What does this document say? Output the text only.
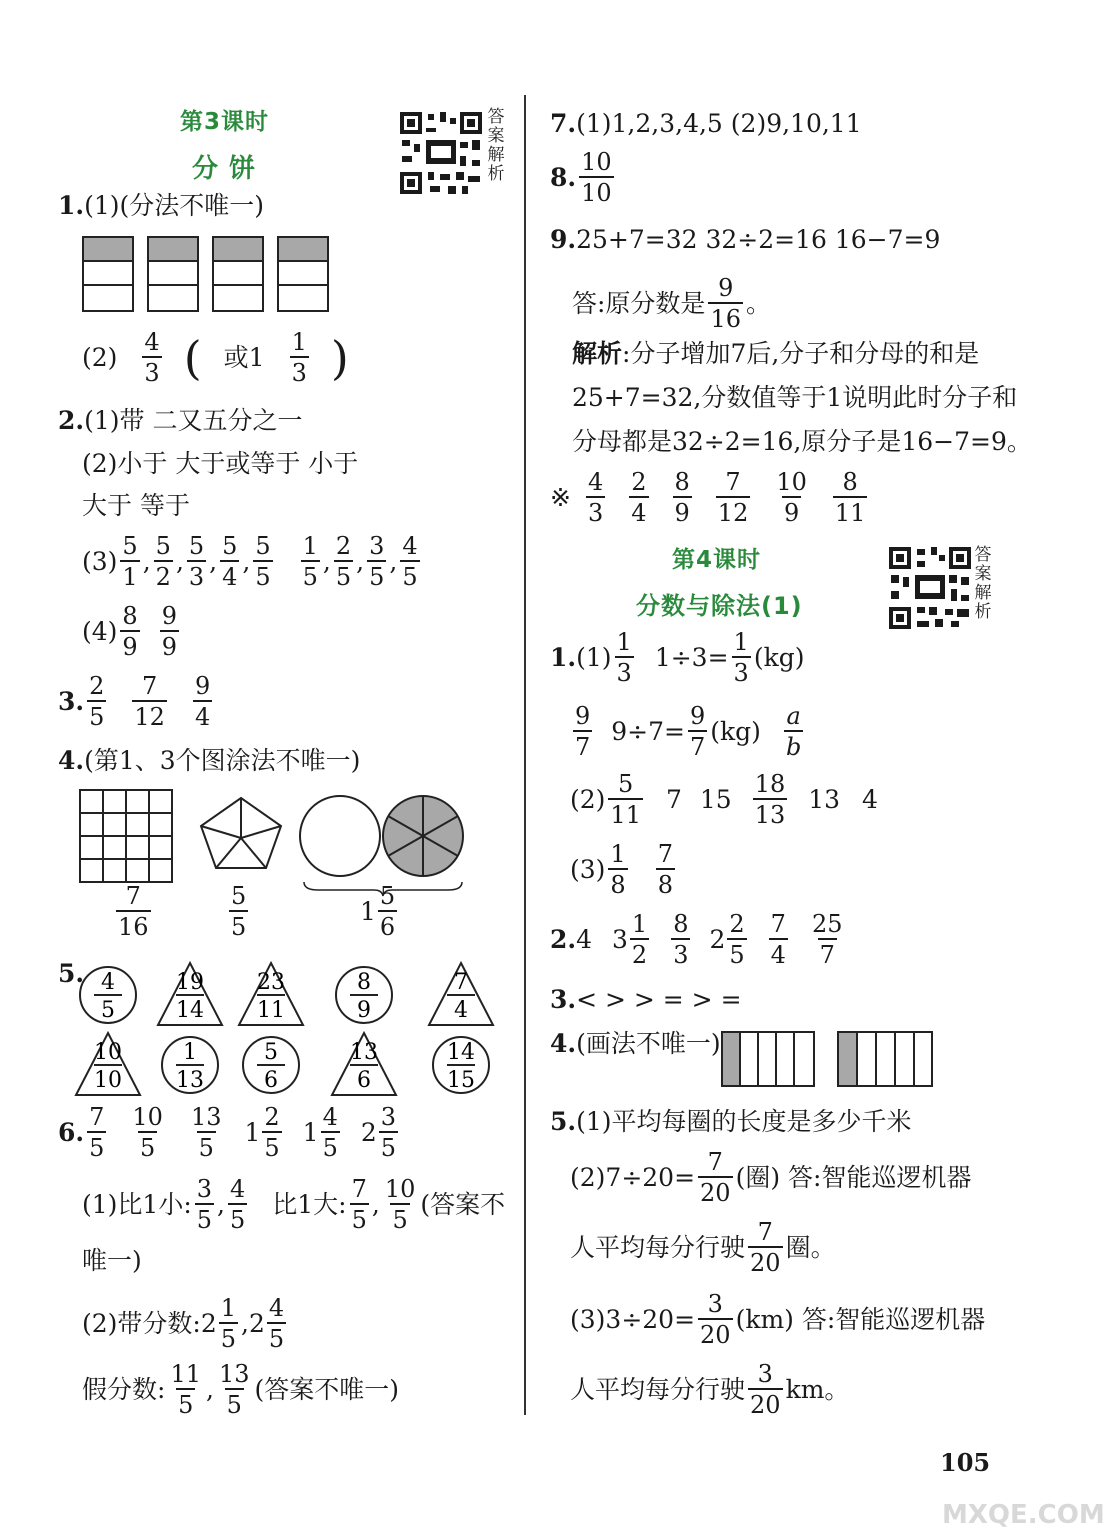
第3课时
分 饼
答
案
解
析
1.(1)(分法不唯一)
$(2) \frac{4}{3}$ ( 或$1 \frac{1}{3}$ )
2.(1)带 二又五分之一
(2)小于 大于或等于 小于
大于 等于
$(3) \frac{5}{1}$ , $\frac{5}{2}$ , $\frac{5}{3}$ , $\frac{5}{4}$ , $\frac{5}{5} \frac{1}{5}$ , $\frac{2}{5}$ , $\frac{3}{5}$ , $\frac{4}{5}$
$(4) \frac{8}{9} \frac{9}{9}$
3. $\frac{2}{5} \frac{7}{12} \frac{9}{4}$
4.(第1、3个图涂法不唯一)
$\frac{7}{16}$	$\frac{5}{5}$	$1 \frac{5}{6}$
5. 4
5
19
14
23
11
8
9
7
4
10
10
1
13
5
6
13
6
14
15
6. $\frac{7}{5} \frac{10}{5} \frac{13}{5} 1 \frac{2}{5} 1 \frac{4}{5} 2 \frac{3}{5}$
(1)比1小: $\frac{3}{5}$ , $\frac{4}{5}$ 比1大: $\frac{7}{5}$ , $\frac{10}{5}$ (答案不
唯一)
(2)带分数: $2 \frac{1}{5}$ , $2 \frac{4}{5}$
假分数: $\frac{11}{5}$ , $\frac{13}{5}$ (答案不唯一)
7.(1)1,2,3,4,5 (2)9,10,11
8. $\frac{10}{10}$
9.25+7=32 32÷2=16 16−7=9
答:原分数是 $\frac{9}{16}$ 。
解析:分子增加7后,分子和分母的和是
25+7=32,分数值等于1说明此时分子和
分母都是32÷2=16,原分子是16−7=9。
※ $\frac{4}{3} \frac{2}{4} \frac{8}{9} \frac{7}{12} \frac{10}{9} \frac{8}{11}$
第4课时
分数与除法(1)
答
案
解
析
1. $(1) \frac{1}{3} 1\div 3= \frac{1}{3} (kg)$
$\frac{9}{7} 9\div 7= \frac{9}{7} (kg) \frac{a}{b}$
$(2) \frac{5}{11} 7$ $15 \frac{18}{13} 13$ 4
$(3) \frac{1}{8} \frac{7}{8}$
2. 4 $3 \frac{1}{2} \frac{8}{3} 2 \frac{2}{5} \frac{7}{4} \frac{25}{7}$
3.< > > = > =
4.(画法不唯一)
5.(1)平均每圈的长度是多少千米
$(2)7\div 20= \frac{7}{20}$ (圈) 答:智能巡逻机器
人平均每分行驶 $\frac{7}{20}$ 圈。
$(3)3\div 20= \frac{3}{20} (km)$ 答:智能巡逻机器
人平均每分行驶 $\frac{3}{20}$ km。
105
MXQE.COM
